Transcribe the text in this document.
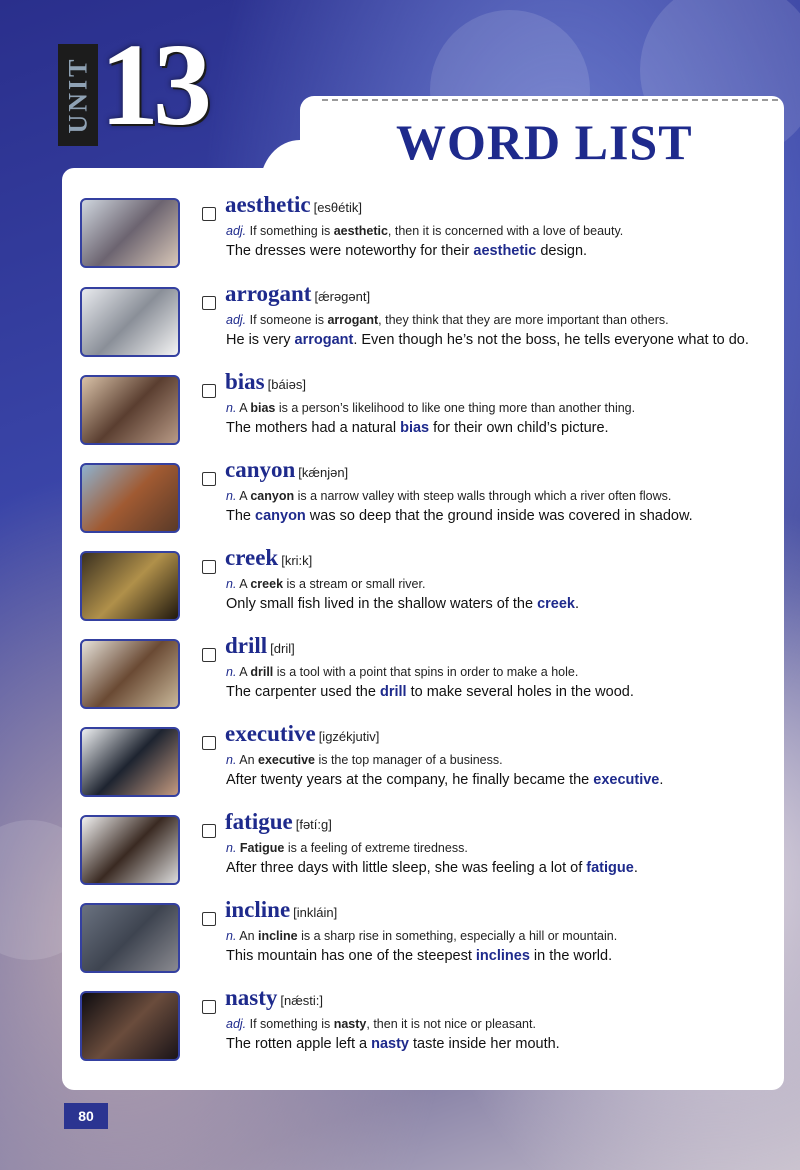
UNIT 13	WORD LIST
aesthetic [esθétik]
adj. If something is aesthetic, then it is concerned with a love of beauty.
The dresses were noteworthy for their aesthetic design.
arrogant [ǽrəgənt]
adj. If someone is arrogant, they think that they are more important than others.
He is very arrogant. Even though he’s not the boss, he tells everyone what to do.
bias [báiəs]
n. A bias is a person’s likelihood to like one thing more than another thing.
The mothers had a natural bias for their own child’s picture.
canyon [kǽnjən]
n. A canyon is a narrow valley with steep walls through which a river often flows.
The canyon was so deep that the ground inside was covered in shadow.
creek [kri:k]
n. A creek is a stream or small river.
Only small fish lived in the shallow waters of the creek.
drill [dril]
n. A drill is a tool with a point that spins in order to make a hole.
The carpenter used the drill to make several holes in the wood.
executive [igzékjutiv]
n. An executive is the top manager of a business.
After twenty years at the company, he finally became the executive.
fatigue [fətí:g]
n. Fatigue is a feeling of extreme tiredness.
After three days with little sleep, she was feeling a lot of fatigue.
incline [inkláin]
n. An incline is a sharp rise in something, especially a hill or mountain.
This mountain has one of the steepest inclines in the world.
nasty [nǽsti:]
adj. If something is nasty, then it is not nice or pleasant.
The rotten apple left a nasty taste inside her mouth.
80
